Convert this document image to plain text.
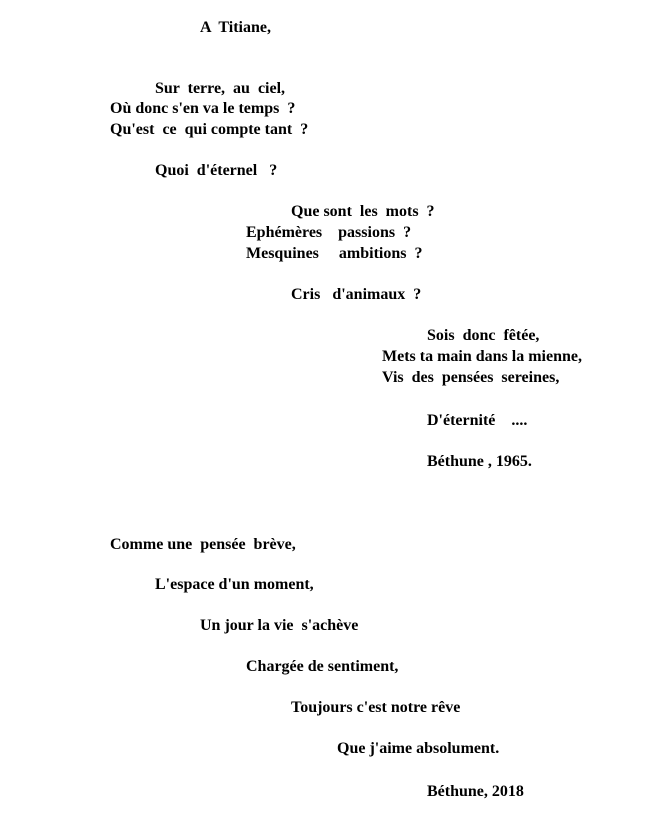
A  Titiane,
Sur  terre,  au  ciel,
Où donc s'en va le temps  ?
Qu'est  ce  qui compte tant  ?
Quoi  d'éternel   ?
Que sont  les  mots  ?
Ephémères    passions  ?
Mesquines     ambitions  ?
Cris   d'animaux  ?
Sois  donc  fêtée,
Mets ta main dans la mienne,
Vis  des  pensées  sereines,
D'éternité    ....
Béthune , 1965.
Comme une  pensée  brève,
L'espace d'un moment,
Un jour la vie  s'achève
Chargée de sentiment,
Toujours c'est notre rêve
Que j'aime absolument.
Béthune, 2018
